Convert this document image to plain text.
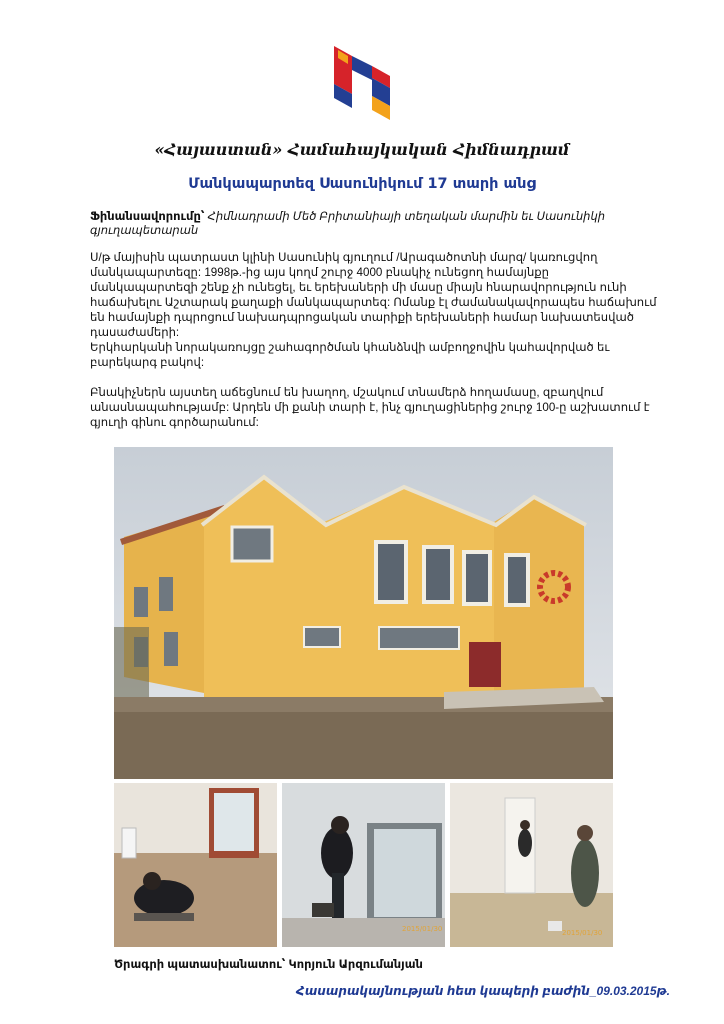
«Հայաստան» Համահայկական Հիմնադրամ
Մանկապարտեզ Սասունիկում 17 տարի անց
Ֆինանսավորումը՝ Հիմնադրամի Մեծ Բրիտանիայի տեղական մարմին եւ Սասունիկի գյուղապետարան

Ս/թ մայիսին պատրաստ կլինի Սասունիկ գյուղում /Արագածոտնի մարզ/ կառուցվող մանկապարտեզը: 1998թ.-ից այս կողմ շուրջ 4000 բնակիչ ունեցող համայնքը մանկապարտեզի շենք չի ունեցել, եւ երեխաների մի մասը միայն հնարավորություն ունի հաճախելու Աշտարակ քաղաքի մանկապարտեզ: Ոմանք էլ ժամանակավորապես հաճախում են համայնքի դպրոցում նախադպրոցական տարիքի երեխաների համար նախատեսված դասաժամերի:
Երկհարկանի նորակառույցը շահագործման կհանձնվի ամբողջովին կահավորված եւ բարեկարգ բակով:

Բնակիչներն այստեղ աճեցնում են խաղող, մշակում տնամերձ հողամասը, զբաղվում անասնապահությամբ: Արդեն մի քանի տարի է, ինչ գյուղացիներից շուրջ 100-ը աշխատում է գյուղի գինու գործարանում:

2015/01/30	2015/01/30
Ծրագրի պատասխանատու՝ Կորյուն Արզումանյան
Հասարակայնության հետ կապերի բաժին_09.03.2015թ.
